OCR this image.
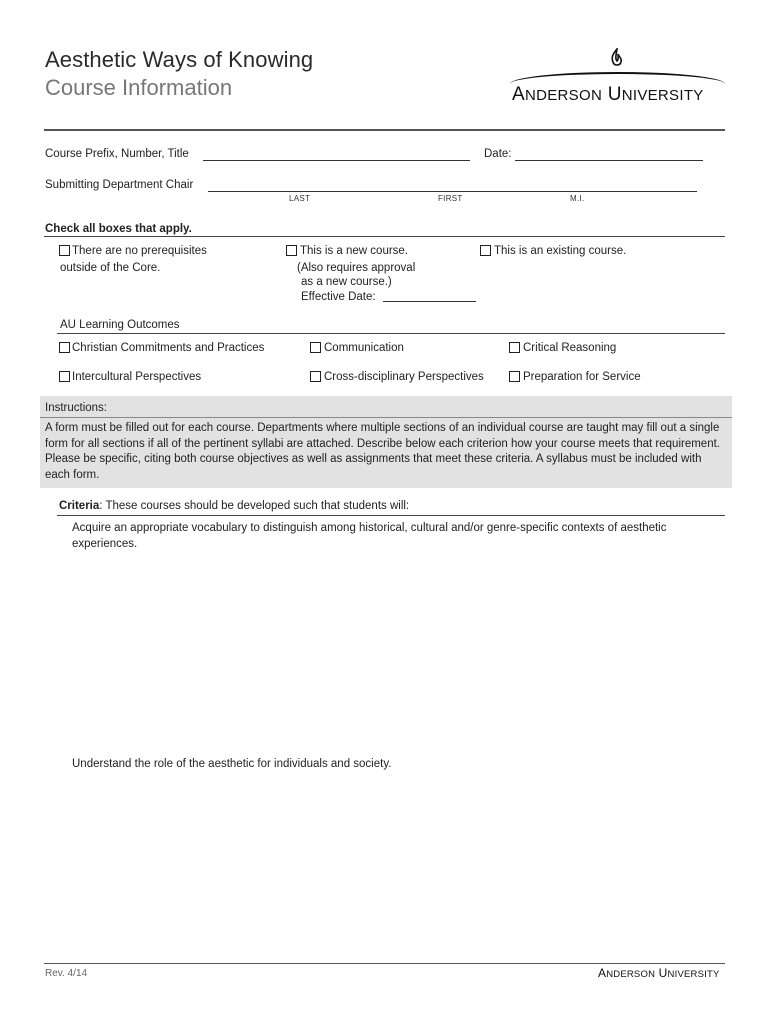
Aesthetic Ways of Knowing
Course Information	ANDERSON UNIVERSITY
Course Prefix, Number, Title	Date:
Submitting Department Chair
LAST	FIRST	M.I.
Check all boxes that apply.
There are no prerequisites
outside of the Core.
This is a new course.
(Also requires approval
as a new course.)
Effective Date:
This is an existing course.
AU Learning Outcomes
Christian Commitments and Practices	Communication	Critical Reasoning
Intercultural Perspectives	Cross-disciplinary Perspectives	Preparation for Service
Instructions:
A form must be filled out for each course. Departments where multiple sections of an individual course are taught may fill out a single form for all sections if all of the pertinent syllabi are attached. Describe below each criterion how your course meets that requirement. Please be specific, citing both course objectives as well as assignments that meet these criteria. A syllabus must be included with each form.
Criteria: These courses should be developed such that students will:
Acquire an appropriate vocabulary to distinguish among historical, cultural and/or genre-specific contexts of aesthetic experiences.
Understand the role of the aesthetic for individuals and society.
Rev. 4/14	ANDERSON UNIVERSITY
